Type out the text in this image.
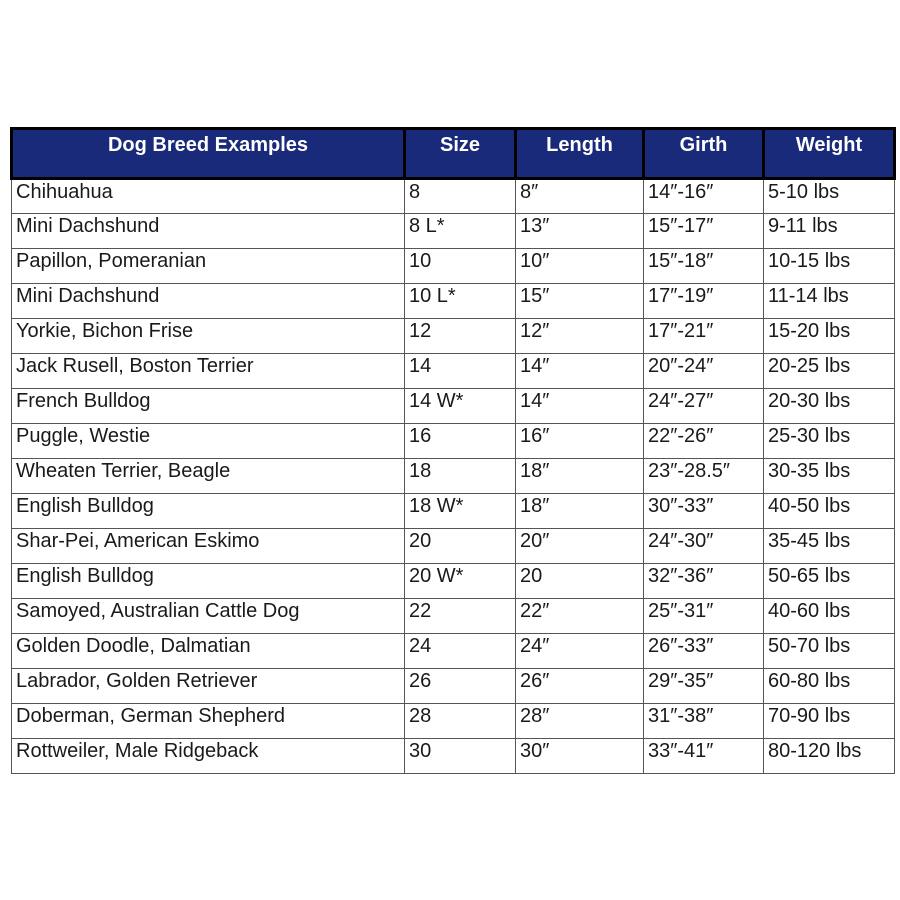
Dog Breed Examples	Size	Length	Girth	Weight
Chihuahua	8	8″	14″-16″	5-10 lbs
Mini Dachshund	8 L*	13″	15″-17″	9-11 lbs
Papillon, Pomeranian	10	10″	15″-18″	10-15 lbs
Mini Dachshund	10 L*	15″	17″-19″	11-14 lbs
Yorkie, Bichon Frise	12	12″	17″-21″	15-20 lbs
Jack Rusell, Boston Terrier	14	14″	20″-24″	20-25 lbs
French Bulldog	14 W*	14″	24″-27″	20-30 lbs
Puggle, Westie	16	16″	22″-26″	25-30 lbs
Wheaten Terrier, Beagle	18	18″	23″-28.5″	30-35 lbs
English Bulldog	18 W*	18″	30″-33″	40-50 lbs
Shar-Pei, American Eskimo	20	20″	24″-30″	35-45 lbs
English Bulldog	20 W*	20	32″-36″	50-65 lbs
Samoyed, Australian Cattle Dog	22	22″	25″-31″	40-60 lbs
Golden Doodle, Dalmatian	24	24″	26″-33″	50-70 lbs
Labrador, Golden Retriever	26	26″	29″-35″	60-80 lbs
Doberman, German Shepherd	28	28″	31″-38″	70-90 lbs
Rottweiler, Male Ridgeback	30	30″	33″-41″	80-120 lbs
